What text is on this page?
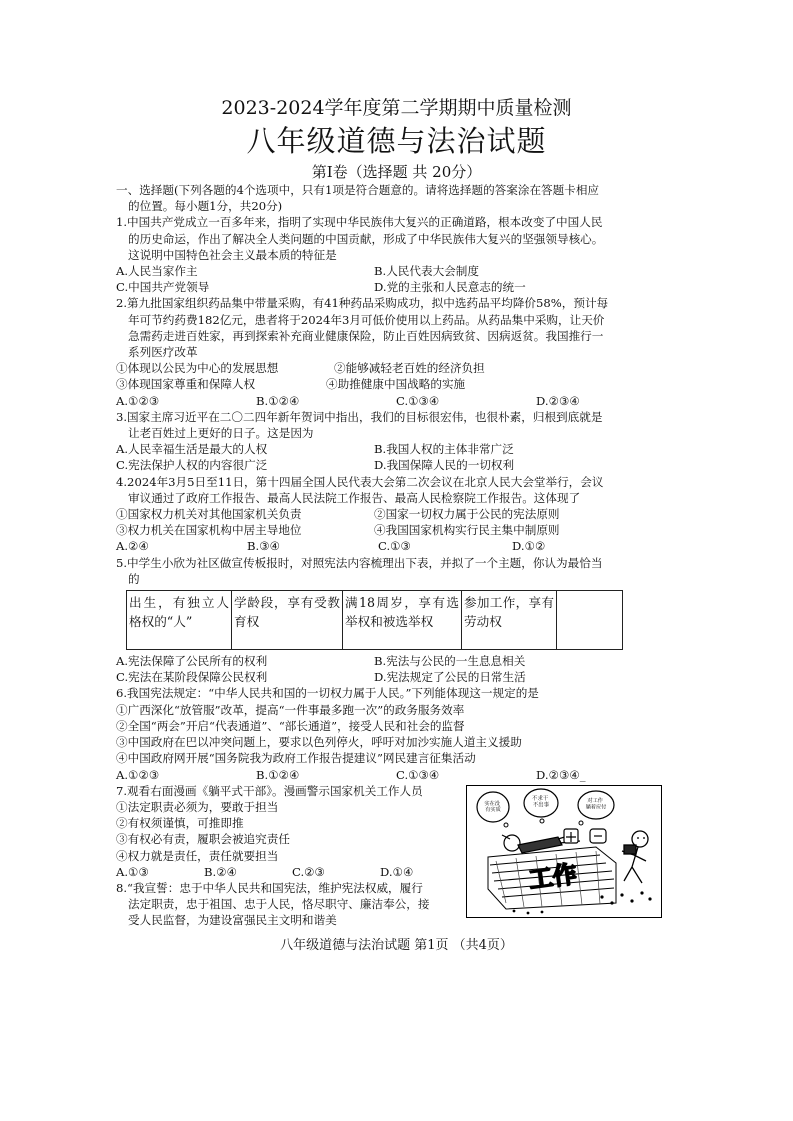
2023-2024学年度第二学期期中质量检测
八年级道德与法治试题
第Ⅰ卷（选择题 共 20分）
一、选择题(下列各题的4个选项中，只有1项是符合题意的。请将选择题的答案涂在答题卡相应
的位置。每小题1分，共20分)
1.中国共产党成立一百多年来，指明了实现中华民族伟大复兴的正确道路，根本改变了中国人民
的历史命运，作出了解决全人类问题的中国贡献，形成了中华民族伟大复兴的坚强领导核心。
这说明中国特色社会主义最本质的特征是
A.人民当家作主	B.人民代表大会制度
C.中国共产党领导	D.党的主张和人民意志的统一
2.第九批国家组织药品集中带量采购，有41种药品采购成功，拟中选药品平均降价58%，预计每
年可节约药费182亿元，患者将于2024年3月可低价使用以上药品。从药品集中采购，让天价
急需药走进百姓家，再到探索补充商业健康保险，防止百姓因病致贫、因病返贫。我国推行一
系列医疗改革
①体现以公民为中心的发展思想	②能够减轻老百姓的经济负担
③体现国家尊重和保障人权	④助推健康中国战略的实施
A.①②③	B.①②④	C.①③④	D.②③④
3.国家主席习近平在二〇二四年新年贺词中指出，我们的目标很宏伟，也很朴素，归根到底就是
让老百姓过上更好的日子。这是因为
A.人民幸福生活是最大的人权	B.我国人权的主体非常广泛
C.宪法保护人权的内容很广泛	D.我国保障人民的一切权利
4.2024年3月5日至11日，第十四届全国人民代表大会第二次会议在北京人民大会堂举行，会议
审议通过了政府工作报告、最高人民法院工作报告、最高人民检察院工作报告。这体现了
①国家权力机关对其他国家机关负责	②国家一切权力属于公民的宪法原则
③权力机关在国家机构中居主导地位	④我国国家机构实行民主集中制原则
A.②④	B.③④	C.①③	D.①②
5.中学生小欣为社区做宣传板报时，对照宪法内容梳理出下表，并拟了一个主题，你认为最恰当
的
出生，有独立人格权的“人”	学龄段，享有受教育权	满18周岁，享有选举权和被选举权	参加工作，享有劳动权	
A.宪法保障了公民所有的权利	B.宪法与公民的一生息息相关
C.宪法在某阶段保障公民权利	D.宪法规定了公民的日常生活
6.我国宪法规定：“中华人民共和国的一切权力属于人民。”下列能体现这一规定的是
①广西深化“放管服”改革，提高“一件事最多跑一次”的政务服务效率
②全国“两会”开启“代表通道”、“部长通道”，接受人民和社会的监督
③中国政府在巴以冲突问题上，要求以色列停火，呼吁对加沙实施人道主义援助
④中国政府网开展“国务院我为政府工作报告提建议”网民建言征集活动
A.①②③	B.①②④	C.①③④	D.②③④_
7.观看右面漫画《躺平式干部》。漫画警示国家机关工作人员
①法定职责必须为，要敢于担当
②有权须谨慎，可推即推
③有权必有责，履职会被追究责任
④权力就是责任，责任就要担当
A.①③	B.②④	C.②③	D.①④
8.“我宣誓：忠于中华人民共和国宪法，维护宪法权威，履行
法定职责，忠于祖国、忠于人民，恪尽职守、廉洁奉公，接
受人民监督，为建设富强民主文明和谐美
实在没 有实质
不求干 不出事
对工作 躺着应付
工作
八年级道德与法治试题 第1页 （共4页）
